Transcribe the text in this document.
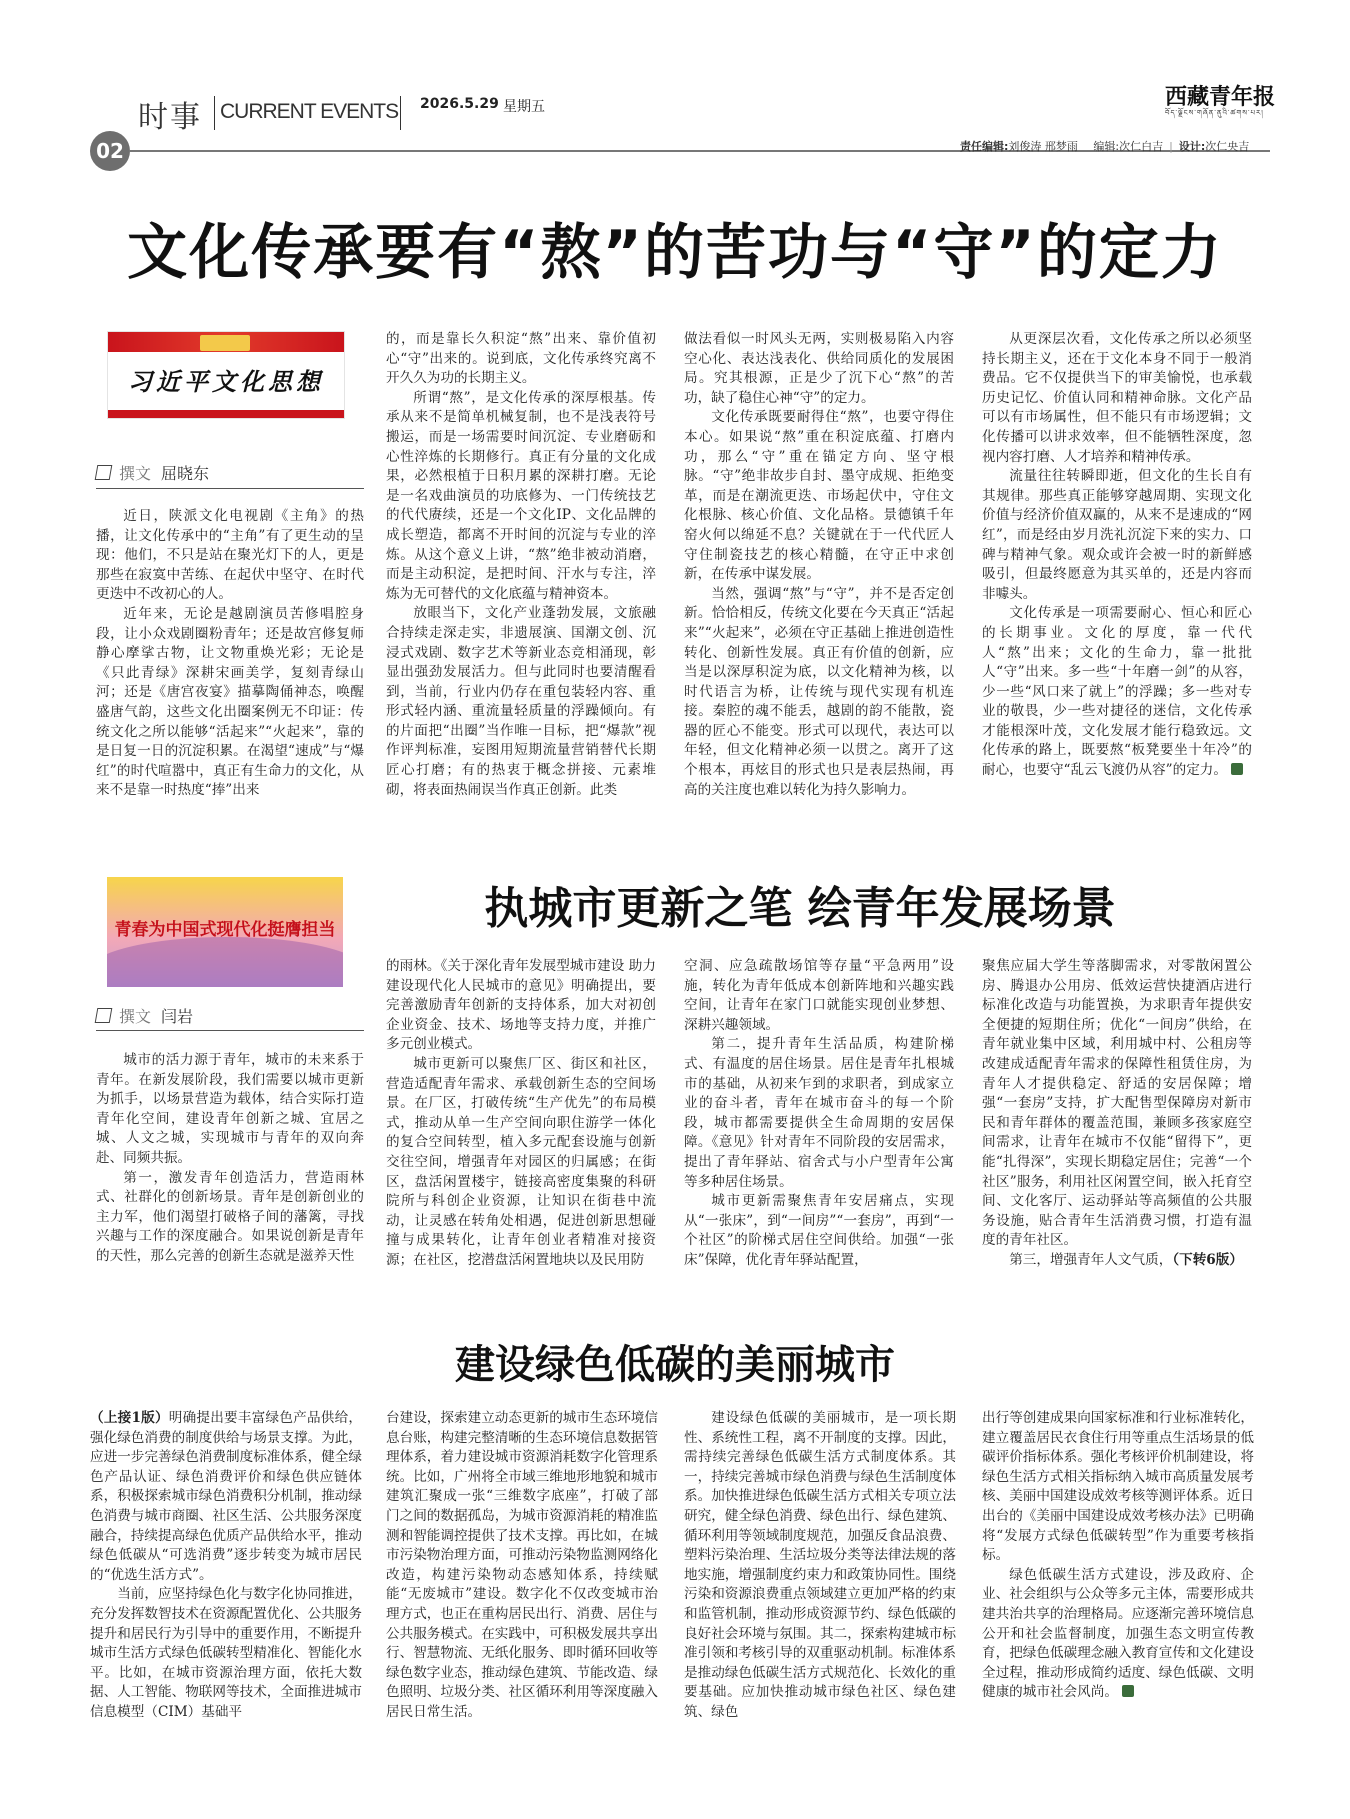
时事 CURRENT EVENTS 2026.5.29 星期五	西藏青年报
བོད་ལྗོངས་གཞོན་ནུའི་ཚགས་པར།
02	责任编辑:刘俊涛 邢梦雨 编辑:次仁白吉 | 设计:次仁央吉
文化传承要有“熬”的苦功与“守”的定力
习近平文化思想
撰文 屈晓东

近日，陕派文化电视剧《主角》的热播，让文化传承中的“主角”有了更生动的呈现：他们，不只是站在聚光灯下的人，更是那些在寂寞中苦练、在起伏中坚守、在时代更迭中不改初心的人。

近年来，无论是越剧演员苦修唱腔身段，让小众戏剧圈粉青年；还是故宫修复师静心摩挲古物，让文物重焕光彩；无论是《只此青绿》深耕宋画美学，复刻青绿山河；还是《唐宫夜宴》描摹陶俑神态，唤醒盛唐气韵，这些文化出圈案例无不印证：传统文化之所以能够“活起来”“火起来”，靠的是日复一日的沉淀积累。在渴望“速成”与“爆红”的时代喧嚣中，真正有生命力的文化，从来不是靠一时热度“捧”出来

的，而是靠长久积淀“熬”出来、靠价值初心“守”出来的。说到底，文化传承终究离不开久久为功的长期主义。

所谓“熬”，是文化传承的深厚根基。传承从来不是简单机械复制，也不是浅表符号搬运，而是一场需要时间沉淀、专业磨砺和心性淬炼的长期修行。真正有分量的文化成果，必然根植于日积月累的深耕打磨。无论是一名戏曲演员的功底修为、一门传统技艺的代代赓续，还是一个文化IP、文化品牌的成长塑造，都离不开时间的沉淀与专业的淬炼。从这个意义上讲，“熬”绝非被动消磨，而是主动积淀，是把时间、汗水与专注，淬炼为无可替代的文化底蕴与精神资本。

放眼当下，文化产业蓬勃发展，文旅融合持续走深走实，非遗展演、国潮文创、沉浸式戏剧、数字艺术等新业态竞相涌现，彰显出强劲发展活力。但与此同时也要清醒看到，当前，行业内仍存在重包装轻内容、重形式轻内涵、重流量轻质量的浮躁倾向。有的片面把“出圈”当作唯一目标，把“爆款”视作评判标准，妄图用短期流量营销替代长期匠心打磨；有的热衷于概念拼接、元素堆砌，将表面热闹误当作真正创新。此类

做法看似一时风头无两，实则极易陷入内容空心化、表达浅表化、供给同质化的发展困局。究其根源，正是少了沉下心“熬”的苦功，缺了稳住心神“守”的定力。

文化传承既要耐得住“熬”，也要守得住本心。如果说“熬”重在积淀底蕴、打磨内功，那么“守”重在锚定方向、坚守根脉。“守”绝非故步自封、墨守成规、拒绝变革，而是在潮流更迭、市场起伏中，守住文化根脉、核心价值、文化品格。景德镇千年窑火何以绵延不息？关键就在于一代代匠人守住制瓷技艺的核心精髓，在守正中求创新，在传承中谋发展。

当然，强调“熬”与“守”，并不是否定创新。恰恰相反，传统文化要在今天真正“活起来”“火起来”，必须在守正基础上推进创造性转化、创新性发展。真正有价值的创新，应当是以深厚积淀为底，以文化精神为核，以时代语言为桥，让传统与现代实现有机连接。秦腔的魂不能丢，越剧的韵不能散，瓷器的匠心不能变。形式可以现代，表达可以年轻，但文化精神必须一以贯之。离开了这个根本，再炫目的形式也只是表层热闹，再高的关注度也难以转化为持久影响力。

从更深层次看，文化传承之所以必须坚持长期主义，还在于文化本身不同于一般消费品。它不仅提供当下的审美愉悦，也承载历史记忆、价值认同和精神命脉。文化产品可以有市场属性，但不能只有市场逻辑；文化传播可以讲求效率，但不能牺牲深度，忽视内容打磨、人才培养和精神传承。

流量往往转瞬即逝，但文化的生长自有其规律。那些真正能够穿越周期、实现文化价值与经济价值双赢的，从来不是速成的“网红”，而是经由岁月洗礼沉淀下来的实力、口碑与精神气象。观众或许会被一时的新鲜感吸引，但最终愿意为其买单的，还是内容而非噱头。

文化传承是一项需要耐心、恒心和匠心的长期事业。文化的厚度，靠一代代人“熬”出来；文化的生命力，靠一批批人“守”出来。多一些“十年磨一剑”的从容，少一些“风口来了就上”的浮躁；多一些对专业的敬畏，少一些对捷径的迷信，文化传承才能根深叶茂，文化发展才能行稳致远。文化传承的路上，既要熬“板凳要坐十年冷”的耐心，也要守“乱云飞渡仍从容”的定力。

青春为中国式现代化挺膺担当	执城市更新之笔 绘青年发展场景
撰文 闫岩

城市的活力源于青年，城市的未来系于青年。在新发展阶段，我们需要以城市更新为抓手，以场景营造为载体，结合实际打造青年化空间，建设青年创新之城、宜居之城、人文之城，实现城市与青年的双向奔赴、同频共振。

第一，激发青年创造活力，营造雨林式、社群化的创新场景。青年是创新创业的主力军，他们渴望打破格子间的藩篱，寻找兴趣与工作的深度融合。如果说创新是青年的天性，那么完善的创新生态就是滋养天性

的雨林。《关于深化青年发展型城市建设 助力建设现代化人民城市的意见》明确提出，要完善激励青年创新的支持体系，加大对初创企业资金、技术、场地等支持力度，并推广多元创业模式。

城市更新可以聚焦厂区、街区和社区，营造适配青年需求、承载创新生态的空间场景。在厂区，打破传统“生产优先”的布局模式，推动从单一生产空间向职住游学一体化的复合空间转型，植入多元配套设施与创新交往空间，增强青年对园区的归属感；在街区，盘活闲置楼宇，链接高密度集聚的科研院所与科创企业资源，让知识在街巷中流动，让灵感在转角处相遇，促进创新思想碰撞与成果转化，让青年创业者精准对接资源；在社区，挖潜盘活闲置地块以及民用防

空洞、应急疏散场馆等存量“平急两用”设施，转化为青年低成本创新阵地和兴趣实践空间，让青年在家门口就能实现创业梦想、深耕兴趣领域。

第二，提升青年生活品质，构建阶梯式、有温度的居住场景。居住是青年扎根城市的基础，从初来乍到的求职者，到成家立业的奋斗者，青年在城市奋斗的每一个阶段，城市都需要提供全生命周期的安居保障。《意见》针对青年不同阶段的安居需求，提出了青年驿站、宿舍式与小户型青年公寓等多种居住场景。

城市更新需聚焦青年安居痛点，实现从“一张床”，到“一间房”“一套房”，再到“一个社区”的阶梯式居住空间供给。加强“一张床”保障，优化青年驿站配置，

聚焦应届大学生等落脚需求，对零散闲置公房、腾退办公用房、低效运营快捷酒店进行标准化改造与功能置换，为求职青年提供安全便捷的短期住所；优化“一间房”供给，在青年就业集中区域，利用城中村、公租房等改建成适配青年需求的保障性租赁住房，为青年人才提供稳定、舒适的安居保障；增强“一套房”支持，扩大配售型保障房对新市民和青年群体的覆盖范围，兼顾多孩家庭空间需求，让青年在城市不仅能“留得下”，更能“扎得深”，实现长期稳定居住；完善“一个社区”服务，利用社区闲置空间，嵌入托育空间、文化客厅、运动驿站等高频值的公共服务设施，贴合青年生活消费习惯，打造有温度的青年社区。

第三，增强青年人文气质，（下转6版）

建设绿色低碳的美丽城市

（上接1版）明确提出要丰富绿色产品供给，强化绿色消费的制度供给与场景支撑。为此，应进一步完善绿色消费制度标准体系，健全绿色产品认证、绿色消费评价和绿色供应链体系，积极探索城市绿色消费积分机制，推动绿色消费与城市商圈、社区生活、公共服务深度融合，持续提高绿色优质产品供给水平，推动绿色低碳从“可选消费”逐步转变为城市居民的“优选生活方式”。

当前，应坚持绿色化与数字化协同推进，充分发挥数智技术在资源配置优化、公共服务提升和居民行为引导中的重要作用，不断提升城市生活方式绿色低碳转型精准化、智能化水平。比如，在城市资源治理方面，依托大数据、人工智能、物联网等技术，全面推进城市信息模型（CIM）基础平

台建设，探索建立动态更新的城市生态环境信息台账，构建完整清晰的生态环境信息数据管理体系，着力建设城市资源消耗数字化管理系统。比如，广州将全市域三维地形地貌和城市建筑汇聚成一张“三维数字底座”，打破了部门之间的数据孤岛，为城市资源消耗的精准监测和智能调控提供了技术支撑。再比如，在城市污染物治理方面，可推动污染物监测网络化改造，构建污染物动态感知体系，持续赋能“无废城市”建设。数字化不仅改变城市治理方式，也正在重构居民出行、消费、居住与公共服务模式。在实践中，可积极发展共享出行、智慧物流、无纸化服务、即时循环回收等绿色数字业态，推动绿色建筑、节能改造、绿色照明、垃圾分类、社区循环利用等深度融入居民日常生活。

建设绿色低碳的美丽城市，是一项长期性、系统性工程，离不开制度的支撑。因此，需持续完善绿色低碳生活方式制度体系。其一，持续完善城市绿色消费与绿色生活制度体系。加快推进绿色低碳生活方式相关专项立法研究，健全绿色消费、绿色出行、绿色建筑、循环利用等领域制度规范，加强反食品浪费、塑料污染治理、生活垃圾分类等法律法规的落地实施，增强制度约束力和政策协同性。围绕污染和资源浪费重点领域建立更加严格的约束和监管机制，推动形成资源节约、绿色低碳的良好社会环境与氛围。其二，探索构建城市标准引领和考核引导的双重驱动机制。标准体系是推动绿色低碳生活方式规范化、长效化的重要基础。应加快推动城市绿色社区、绿色建筑、绿色

出行等创建成果向国家标准和行业标准转化，建立覆盖居民衣食住行用等重点生活场景的低碳评价指标体系。强化考核评价机制建设，将绿色生活方式相关指标纳入城市高质量发展考核、美丽中国建设成效考核等测评体系。近日出台的《美丽中国建设成效考核办法》已明确将“发展方式绿色低碳转型”作为重要考核指标。

绿色低碳生活方式建设，涉及政府、企业、社会组织与公众等多元主体，需要形成共建共治共享的治理格局。应逐渐完善环境信息公开和社会监督制度，加强生态文明宣传教育，把绿色低碳理念融入教育宣传和文化建设全过程，推动形成简约适度、绿色低碳、文明健康的城市社会风尚。
